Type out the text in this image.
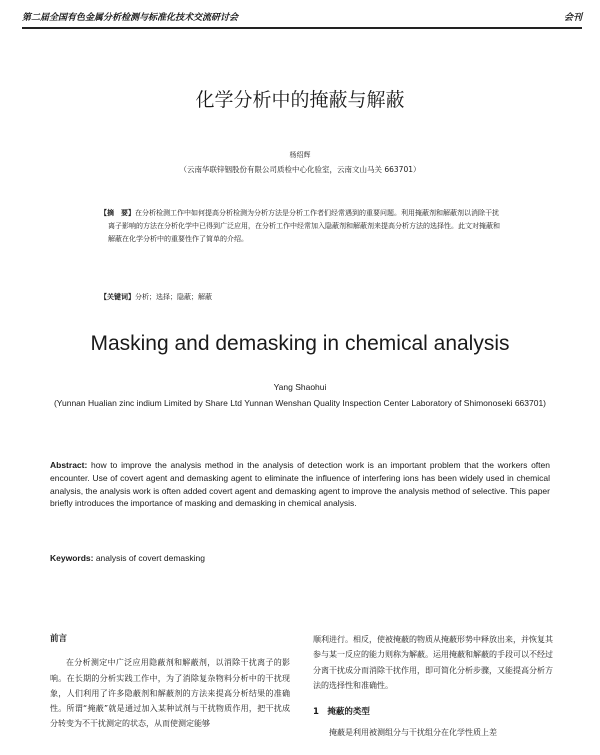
第二届全国有色金属分析检测与标准化技术交流研讨会	会刊
化学分析中的掩蔽与解蔽
杨绍辉
（云南华联锌铟股份有限公司质检中心化验室，云南文山马关 663701）
【摘　要】在分析检测工作中如何提高分析检测为分析方法是分析工作者们经常遇到的重要问题。利用掩蔽剂和解蔽剂以消除干扰离子影响的方法在分析化学中已得到广泛应用，在分析工作中经常加入隐蔽剂和解蔽剂来提高分析方法的选择性。此文对掩蔽和解蔽在化学分析中的重要性作了简单的介绍。
【关键词】分析；选择；隐蔽；解蔽
Masking and demasking in chemical analysis
Yang Shaohui
(Yunnan Hualian zinc indium Limited by Share Ltd Yunnan Wenshan Quality Inspection Center Laboratory of Shimonoseki 663701)
Abstract: how to improve the analysis method in the analysis of detection work is an important problem that the workers often encounter. Use of covert agent and demasking agent to eliminate the influence of interfering ions has been widely used in chemical analysis, the analysis work is often added covert agent and demasking agent to improve the analysis method of selective. This paper briefly introduces the importance of masking and demasking in chemical analysis.
Keywords: analysis of covert demasking
前言

在分析测定中广泛应用隐蔽剂和解蔽剂，以消除干扰离子的影响。在长期的分析实践工作中，为了消除复杂物料分析中的干扰现象，人们利用了许多隐蔽剂和解蔽剂的方法来提高分析结果的准确性。所谓“掩蔽”就是通过加入某种试剂与干扰物质作用，把干扰成分转变为不干扰测定的状态，从而使测定能够

顺利进行。相反，使被掩蔽的物质从掩蔽形势中释放出来，并恢复其参与某一反应的能力则称为解蔽。运用掩蔽和解蔽的手段可以不经过分离干扰成分而消除干扰作用，即可简化分析步骤，又能提高分析方法的选择性和准确性。

1　掩蔽的类型

掩蔽是利用被测组分与干扰组分在化学性质上差
